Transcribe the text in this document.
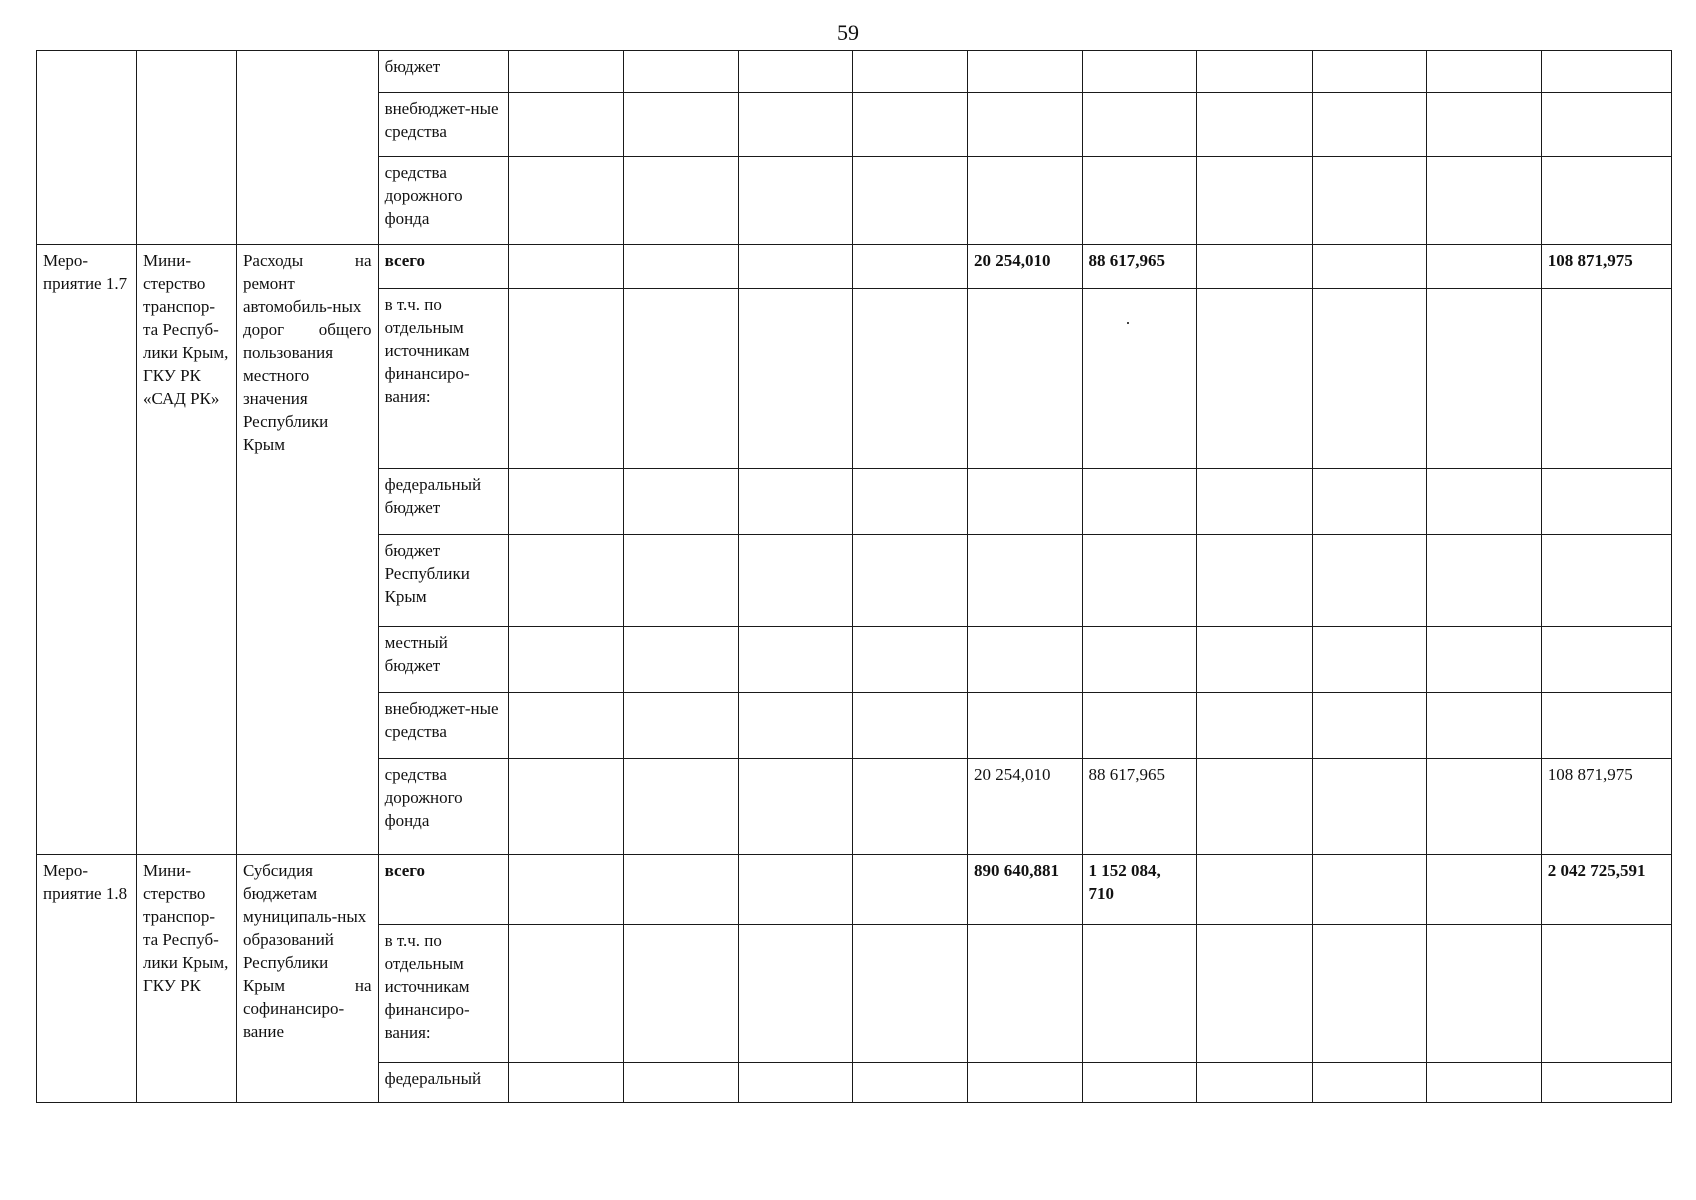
59
			бюджет										
			внебюджет-ные средства										
			средства дорожного фонда										
Меро-приятие 1.7	Мини-стерство транспор-та Респуб-лики Крым, ГКУ РК «САД РК»	Расходы на ремонт автомобиль-ных дорог общего пользования местного значения Республики Крым	всего					20 254,010	88 617,965				108 871,975
			в т.ч. по отдельным источникам финансиро-вания:										
			федеральный бюджет										
			бюджет Республики Крым										
			местный бюджет										
			внебюджет-ные средства										
			средства дорожного фонда					20 254,010	88 617,965				108 871,975
Меро-приятие 1.8	Мини-стерство транспор-та Респуб-лики Крым, ГКУ РК	Субсидия бюджетам муниципаль-ных образований Республики Крым на софинансиро-вание	всего					890 640,881	1 152 084, 710				2 042 725,591
			в т.ч. по отдельным источникам финансиро-вания:										
			федеральный										
